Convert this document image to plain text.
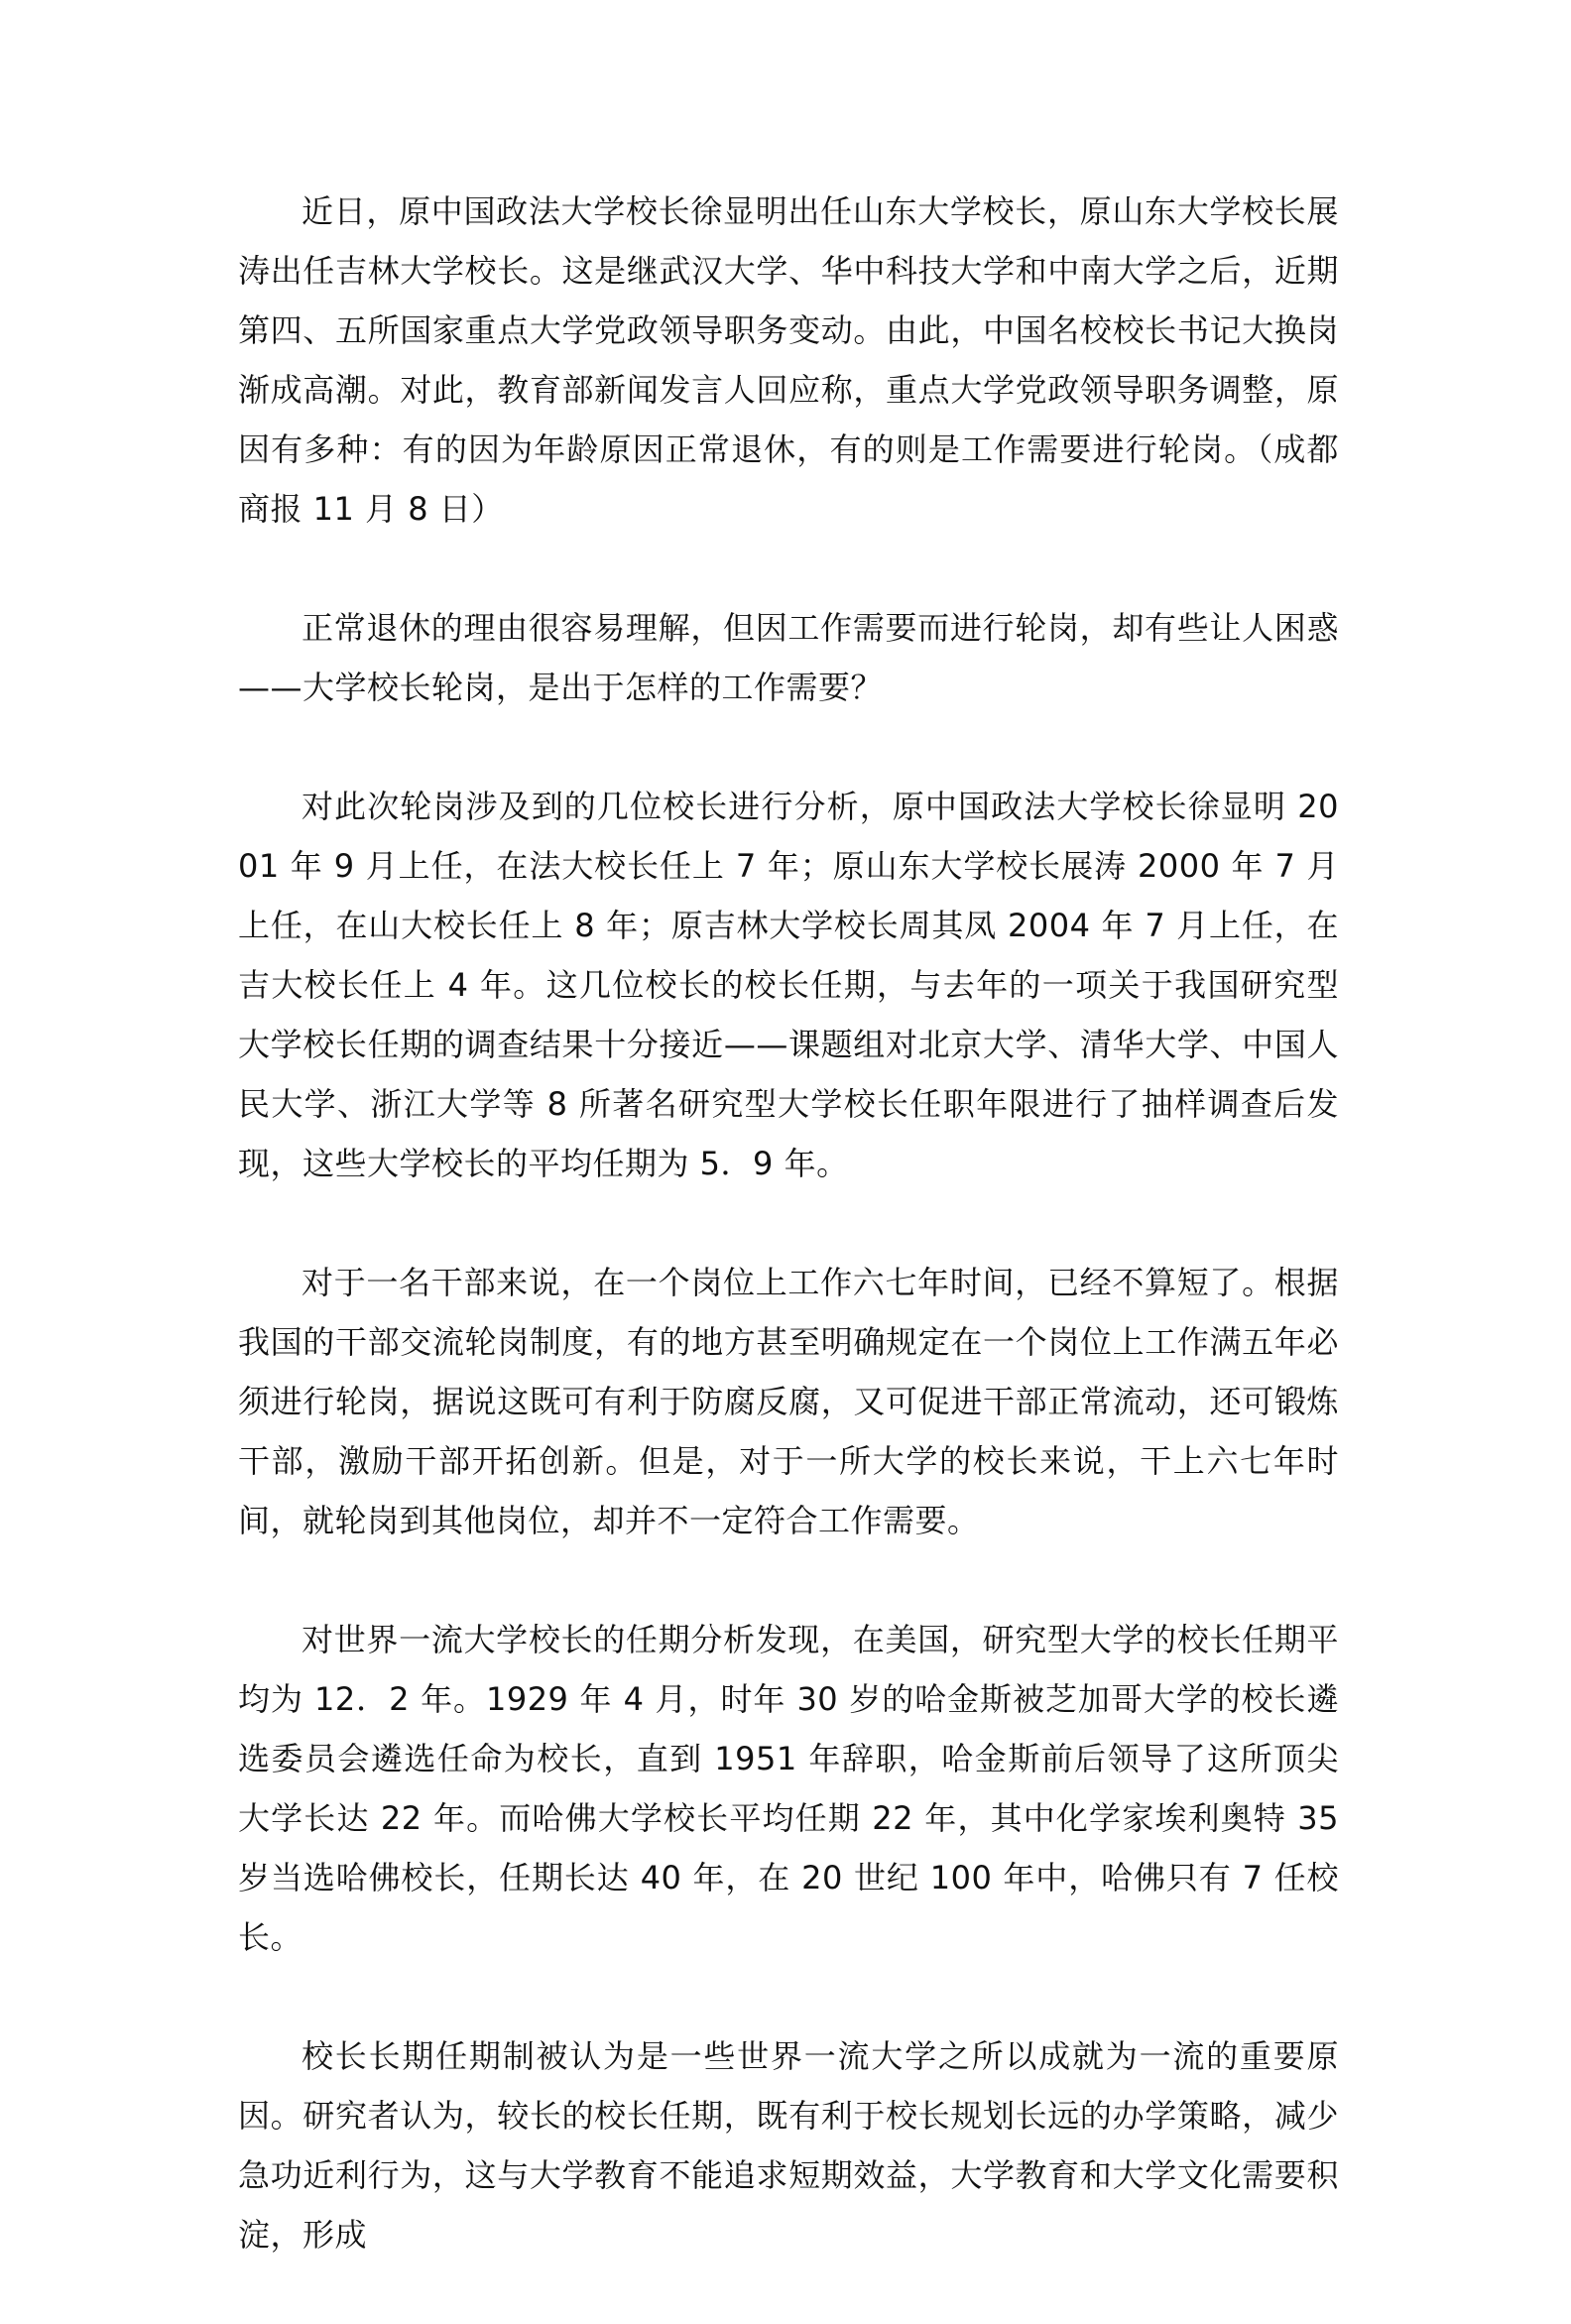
近日，原中国政法大学校长徐显明出任山东大学校长，原山东大学校长展涛出任吉林大学校长。这是继武汉大学、华中科技大学和中南大学之后，近期第四、五所国家重点大学党政领导职务变动。由此，中国名校校长书记大换岗渐成高潮。对此，教育部新闻发言人回应称，重点大学党政领导职务调整，原因有多种：有的因为年龄原因正常退休，有的则是工作需要进行轮岗。（成都商报 11 月 8 日）

正常退休的理由很容易理解，但因工作需要而进行轮岗，却有些让人困惑——大学校长轮岗，是出于怎样的工作需要？

对此次轮岗涉及到的几位校长进行分析，原中国政法大学校长徐显明 2001 年 9 月上任，在法大校长任上 7 年；原山东大学校长展涛 2000 年 7 月上任，在山大校长任上 8 年；原吉林大学校长周其凤 2004 年 7 月上任，在吉大校长任上 4 年。这几位校长的校长任期，与去年的一项关于我国研究型大学校长任期的调查结果十分接近——课题组对北京大学、清华大学、中国人民大学、浙江大学等 8 所著名研究型大学校长任职年限进行了抽样调查后发现，这些大学校长的平均任期为 5．9 年。

对于一名干部来说，在一个岗位上工作六七年时间，已经不算短了。根据我国的干部交流轮岗制度，有的地方甚至明确规定在一个岗位上工作满五年必须进行轮岗，据说这既可有利于防腐反腐，又可促进干部正常流动，还可锻炼干部，激励干部开拓创新。但是，对于一所大学的校长来说，干上六七年时间，就轮岗到其他岗位，却并不一定符合工作需要。

对世界一流大学校长的任期分析发现，在美国，研究型大学的校长任期平均为 12．2 年。1929 年 4 月，时年 30 岁的哈金斯被芝加哥大学的校长遴选委员会遴选任命为校长，直到 1951 年辞职，哈金斯前后领导了这所顶尖大学长达 22 年。而哈佛大学校长平均任期 22 年，其中化学家埃利奥特 35 岁当选哈佛校长，任期长达 40 年，在 20 世纪 100 年中，哈佛只有 7 任校长。

校长长期任期制被认为是一些世界一流大学之所以成就为一流的重要原因。研究者认为，较长的校长任期，既有利于校长规划长远的办学策略，减少急功近利行为，这与大学教育不能追求短期效益，大学教育和大学文化需要积淀，形成
